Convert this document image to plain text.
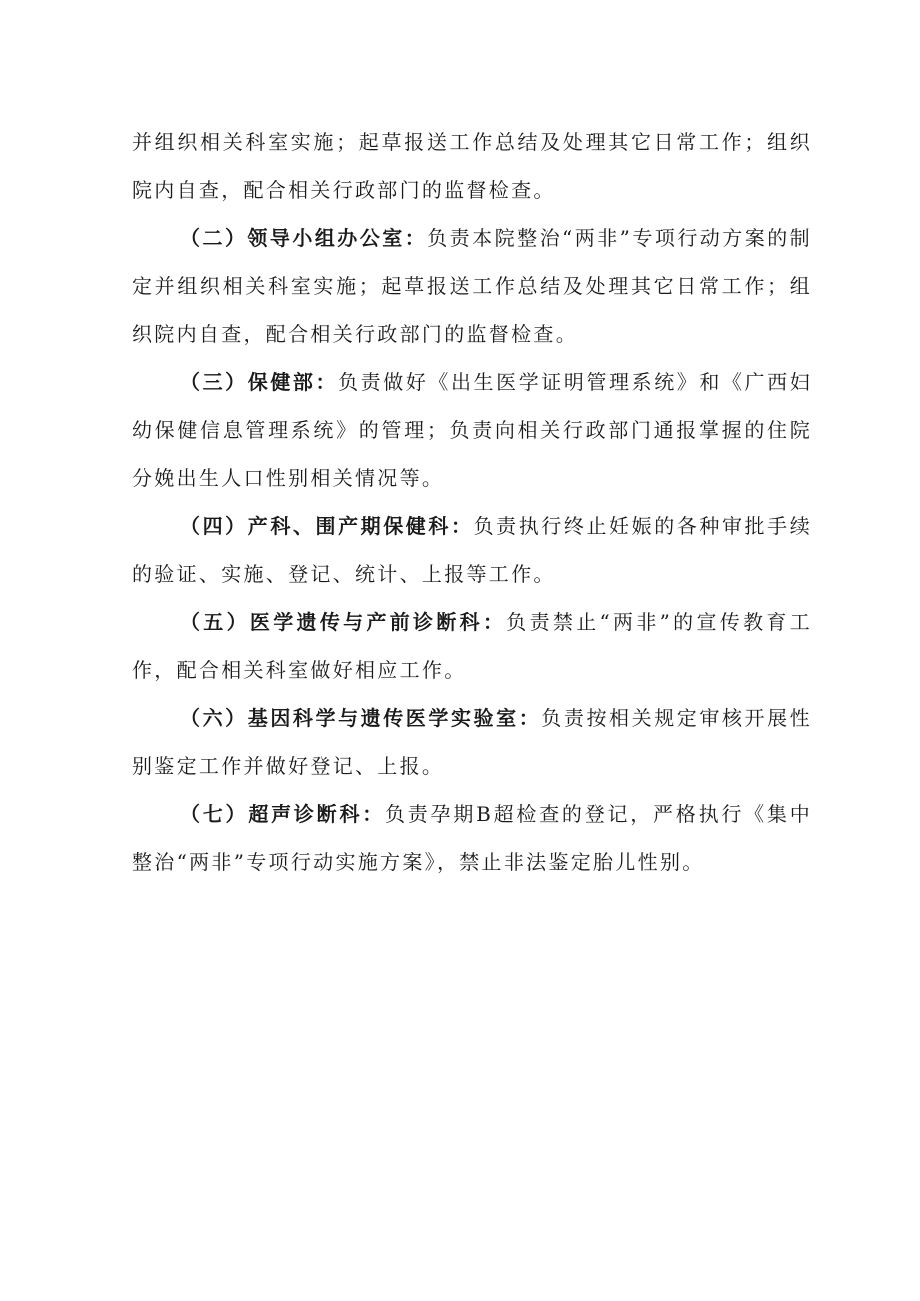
并组织相关科室实施；起草报送工作总结及处理其它日常工作；组织院内自查，配合相关行政部门的监督检查。

（二）领导小组办公室：负责本院整治“两非”专项行动方案的制定并组织相关科室实施；起草报送工作总结及处理其它日常工作；组织院内自查，配合相关行政部门的监督检查。

（三）保健部：负责做好《出生医学证明管理系统》和《广西妇幼保健信息管理系统》的管理；负责向相关行政部门通报掌握的住院分娩出生人口性别相关情况等。

（四）产科、围产期保健科：负责执行终止妊娠的各种审批手续的验证、实施、登记、统计、上报等工作。

（五）医学遗传与产前诊断科：负责禁止“两非”的宣传教育工作，配合相关科室做好相应工作。

（六）基因科学与遗传医学实验室：负责按相关规定审核开展性别鉴定工作并做好登记、上报。

（七）超声诊断科：负责孕期B超检查的登记，严格执行《集中整治“两非”专项行动实施方案》，禁止非法鉴定胎儿性别。
